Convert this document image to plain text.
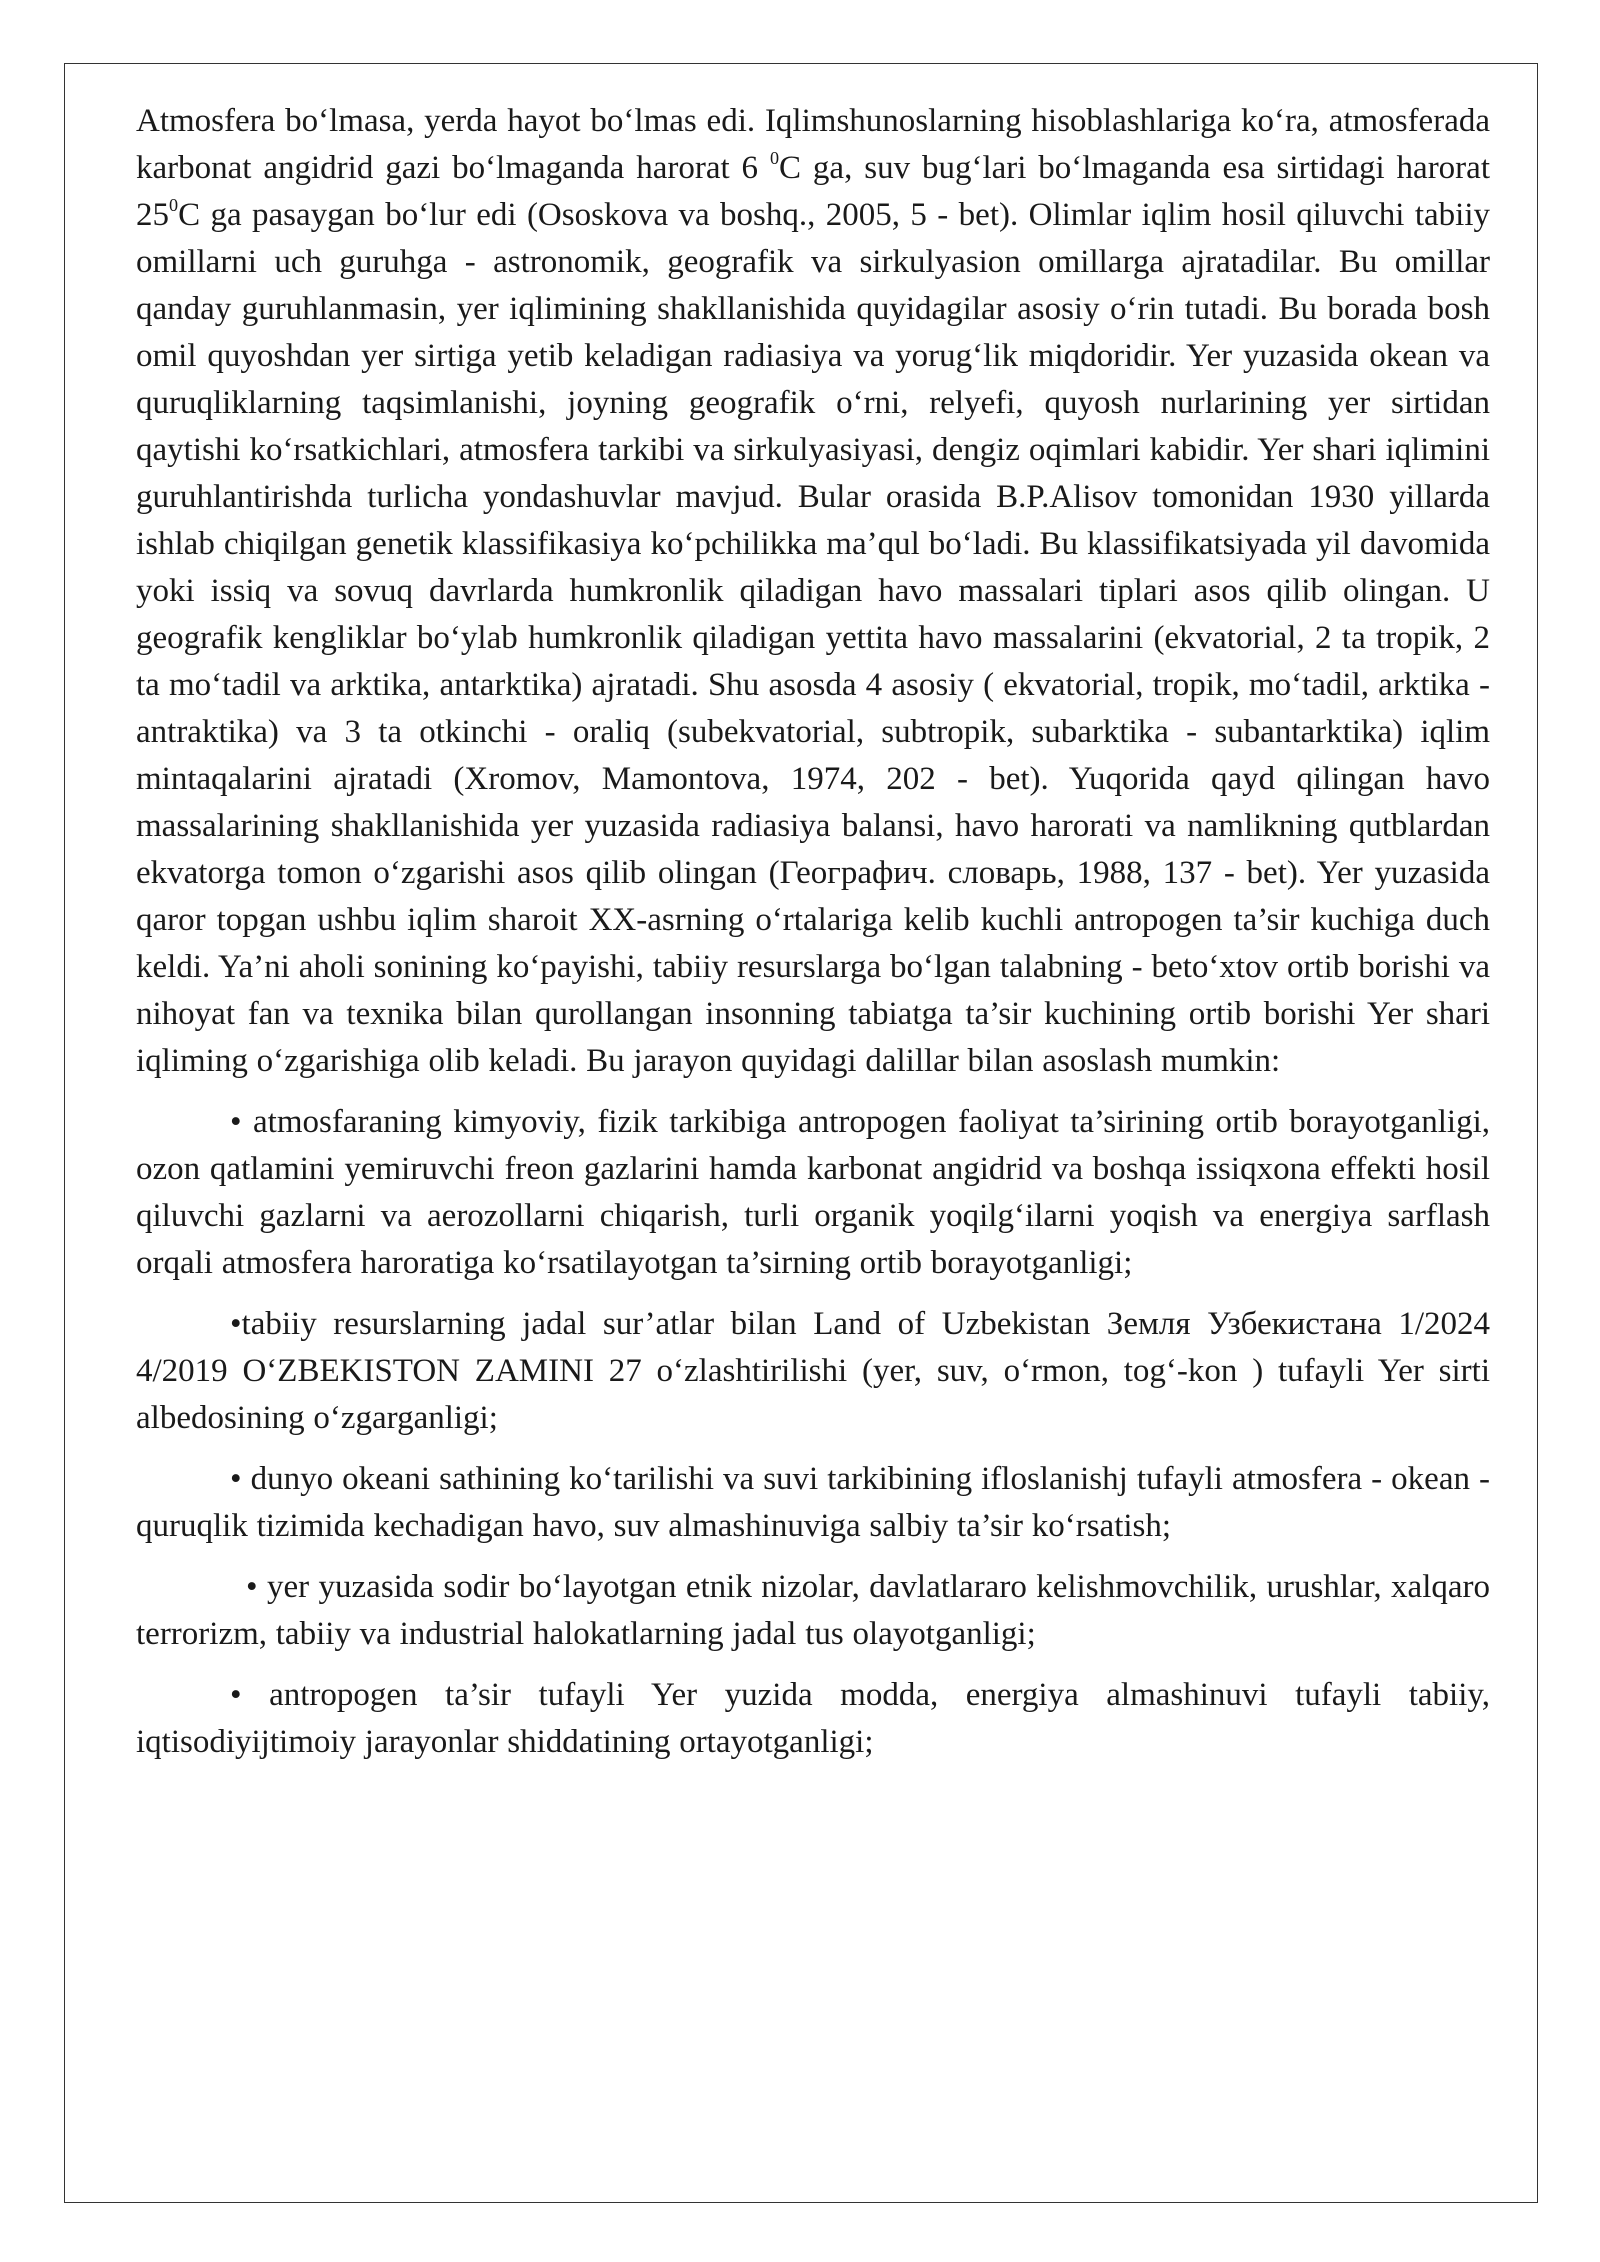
Atmosfera boʻlmasa, yerda hayot boʻlmas edi. Iqlimshunoslarning hisoblashlariga koʻra, atmosferada karbonat angidrid gazi boʻlmaganda harorat 6 $^0$C ga, suv bugʻlari boʻlmaganda esa sirtidagi harorat $25^0C$ ga pasaygan boʻlur edi (Ososkova va boshq., 2005, 5 - bet). Olimlar iqlim hosil qiluvchi tabiiy omillarni uch guruhga - astronomik, geografik va sirkulyasion omillarga ajratadilar. Bu omillar qanday guruhlanmasin, yer iqlimining shakllanishida quyidagilar asosiy oʻrin tutadi. Bu borada bosh omil quyoshdan yer sirtiga yetib keladigan radiasiya va yorugʻlik miqdoridir. Yer yuzasida okean va quruqliklarning taqsimlanishi, joyning geografik oʻrni, relyefi, quyosh nurlarining yer sirtidan qaytishi koʻrsatkichlari, atmosfera tarkibi va sirkulyasiyasi, dengiz oqimlari kabidir. Yer shari iqlimini guruhlantirishda turlicha yondashuvlar mavjud. Bular orasida B.P.Alisov tomonidan 1930 yillarda ishlab chiqilgan genetik klassifikasiya koʻpchilikka ma’qul boʻladi. Bu klassifikatsiyada yil davomida yoki issiq va sovuq davrlarda humkronlik qiladigan havo massalari tiplari asos qilib olingan. U geografik kengliklar boʻylab humkronlik qiladigan yettita havo massalarini (ekvatorial, 2 ta tropik, 2 ta moʻtadil va arktika, antarktika) ajratadi. Shu asosda 4 asosiy ( ekvatorial, tropik, moʻtadil, arktika - antraktika) va 3 ta otkinchi - oraliq (subekvatorial, subtropik, subarktika - subantarktika) iqlim mintaqalarini ajratadi (Xromov, Mamontova, 1974, 202 - bet). Yuqorida qayd qilingan havo massalarining shakllanishida yer yuzasida radiasiya balansi, havo harorati va namlikning qutblardan ekvatorga tomon oʻzgarishi asos qilib olingan (Географич. словарь, 1988, 137 - bet). Yer yuzasida qaror topgan ushbu iqlim sharoit XX-asrning oʻrtalariga kelib kuchli antropogen ta’sir kuchiga duch keldi. Ya’ni aholi sonining koʻpayishi, tabiiy resurslarga boʻlgan talabning - betoʻxtov ortib borishi va nihoyat fan va texnika bilan qurollangan insonning tabiatga ta’sir kuchining ortib borishi Yer shari iqliming oʻzgarishiga olib keladi. Bu jarayon quyidagi dalillar bilan asoslash mumkin:

• atmosfaraning kimyoviy, fizik tarkibiga antropogen faoliyat ta’sirining ortib borayotganligi, ozon qatlamini yemiruvchi freon gazlarini hamda karbonat angidrid va boshqa issiqxona effekti hosil qiluvchi gazlarni va aerozollarni chiqarish, turli organik yoqilgʻilarni yoqish va energiya sarflash orqali atmosfera haroratiga koʻrsatilayotgan ta’sirning ortib borayotganligi;

•tabiiy resurslarning jadal sur’atlar bilan Land of Uzbekistan Земля Узбекистана 1/2024 4/2019 OʻZBEKISTON ZAMINI 27 oʻzlashtirilishi (yer, suv, oʻrmon, togʻ-kon ) tufayli Yer sirti albedosining oʻzgarganligi;

• dunyo okeani sathining koʻtarilishi va suvi tarkibining ifloslanishj tufayli atmosfera - okean - quruqlik tizimida kechadigan havo, suv almashinuviga salbiy ta’sir koʻrsatish;

• yer yuzasida sodir boʻlayotgan etnik nizolar, davlatlararo kelishmovchilik, urushlar, xalqaro terrorizm, tabiiy va industrial halokatlarning jadal tus olayotganligi;

• antropogen ta’sir tufayli Yer yuzida modda, energiya almashinuvi tufayli tabiiy, iqtisodiyijtimoiy jarayonlar shiddatining ortayotganligi;
